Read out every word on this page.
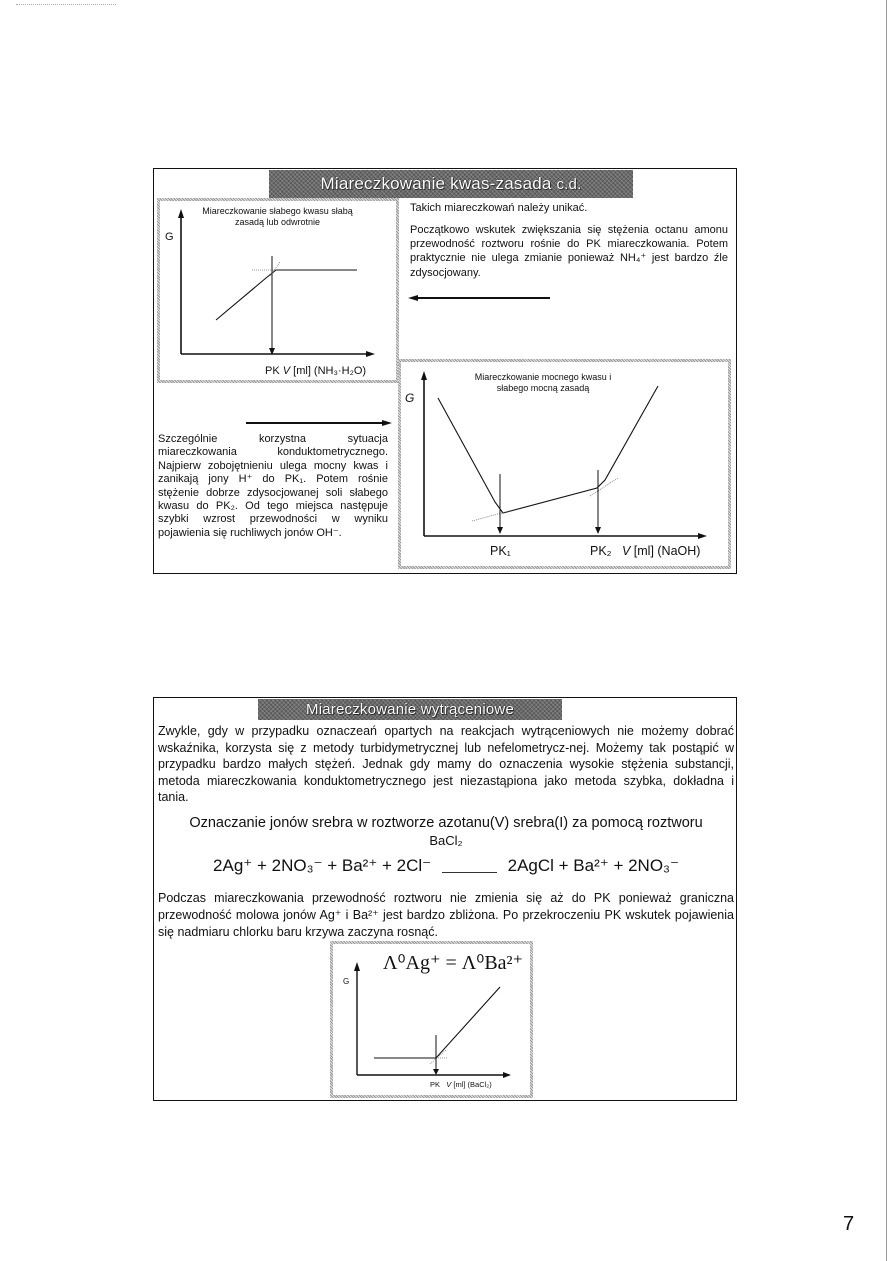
Miareczkowanie kwas-zasada c.d.
Miareczkowanie słabego kwasu słabą
zasadą lub odwrotnie
G
PK V [ml] (NH₃·H₂O)
Takich miareczkowań należy unikać.
Początkowo wskutek zwiększania się stężenia octanu amonu przewodność roztworu rośnie do PK miareczkowania. Potem praktycznie nie ulega zmianie ponieważ NH₄⁺ jest bardzo źle zdysocjowany.
Szczególnie korzystna sytuacja miareczkowania konduktometrycznego. Najpierw zobojętnieniu ulega mocny kwas i zanikają jony H⁺ do PK₁. Potem rośnie stężenie dobrze zdysocjowanej soli słabego kwasu do PK₂. Od tego miejsca następuje szybki wzrost przewodności w wyniku pojawienia się ruchliwych jonów OH⁻.
Miareczkowanie mocnego kwasu i
słabego mocną zasadą
G
PK₁	PK₂ V [ml] (NaOH)
Miareczkowanie wytrąceniowe
Zwykle, gdy w przypadku oznaczeań opartych na reakcjach wytrąceniowych nie możemy dobrać wskaźnika, korzysta się z metody turbidymetrycznej lub nefelometrycz-nej. Możemy tak postąpić w przypadku bardzo małych stężeń. Jednak gdy mamy do oznaczenia wysokie stężenia substancji, metoda miareczkowania konduktometrycznego jest niezastąpiona jako metoda szybka, dokładna i tania.
Oznaczanie jonów srebra w roztworze azotanu(V) srebra(I) za pomocą roztworu
BaCl₂
2Ag⁺ + 2NO₃⁻ + Ba²⁺ + 2Cl⁻	2AgCl + Ba²⁺ + 2NO₃⁻
Podczas miareczkowania przewodność roztworu nie zmienia się aż do PK ponieważ graniczna przewodność molowa jonów Ag⁺ i Ba²⁺ jest bardzo zbliżona. Po przekroczeniu PK wskutek pojawienia się nadmiaru chlorku baru krzywa zaczyna rosnąć.
Λ⁰Ag⁺ = Λ⁰Ba²⁺
G
PK V [ml] (BaCl₂)
7
